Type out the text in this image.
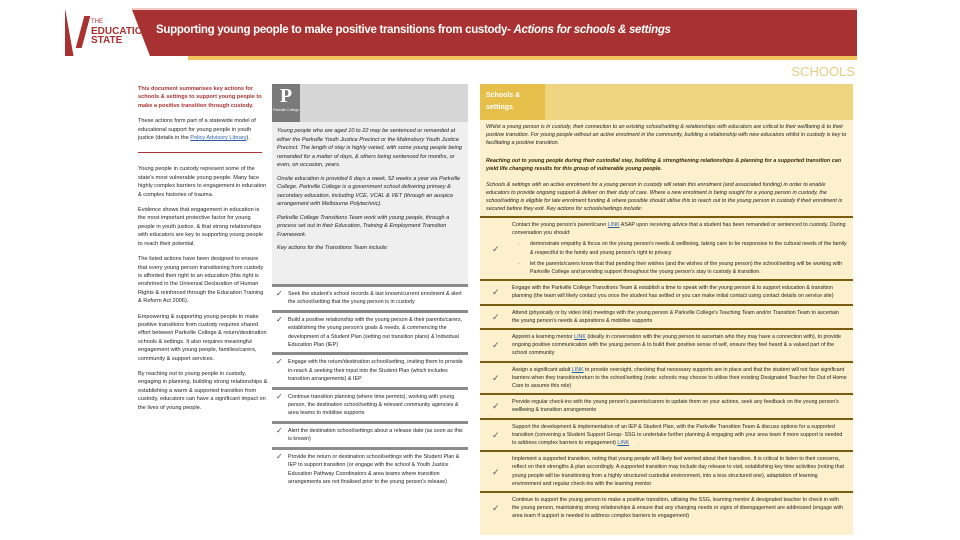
THE
EDUCATION
STATE
Supporting young people to make positive transitions from custody- Actions for schools & settings
SCHOOLS

This document summarises key actions for schools & settings to support young people to make a positive transition through custody.

These actions form part of a statewide model of educational support for young people in youth justice (details in the Policy Advisory Library).

Young people in custody represent some of the state's most vulnerable young people. Many face highly complex barriers to engagement in education & complex histories of trauma.

Evidence shows that engagement in education is the most important protective factor for young people in youth justice, & that strong relationships with educators are key to supporting young people to reach their potential.

The listed actions have been designed to ensure that every young person transitioning from custody is afforded their right to an education (this right is enshrined in the Universal Declaration of Human Rights & reinforced through the Education Training & Reform Act 2006).

Empowering & supporting young people to make positive transitions from custody requires shared effort between Parkville College & return/destination schools & settings. It also requires meaningful engagement with young people, families/carers, community & support services.

By reaching out to young people in custody, engaging in planning, building strong relationships & establishing a warm & supported transition from custody, educators can have a significant impact on the lives of young people.

P
Parkville College

Young people who are aged 10 to 22 may be sentenced or remanded at either the Parkville Youth Justice Precinct or the Malmsbury Youth Justice Precinct. The length of stay is highly varied, with some young people being remanded for a matter of days, & others being sentenced for months, or even, on occasion, years.

Onsite education is provided 6 days a week, 52 weeks a year via Parkville College. Parkville College is a government school delivering primary & secondary education, including VCE, VCAL & VET (through an auspice arrangement with Melbourne Polytechnic).

Parkville College Transitions Team work with young people, through a process set out in their Education, Training & Employment Transition Framework.

Key actions for the Transitions Team include:

✓ Seek the student's school records & last known/current enrolment & alert the school/setting that the young person is in custody
✓ Build a positive relationship with the young person & their parents/carers, establishing the young person's goals & needs, & commencing the development of a Student Plan (setting out transition plans) & Individual Education Plan (IEP)
✓ Engage with the return/destination school/setting, inviting them to provide in-reach & seeking their input into the Student Plan (which includes transition arrangements) & IEP
✓ Continue transition planning (where time permits), working with young person, the destination school/setting & relevant community agencies & area teams to mobilise supports
✓ Alert the destination school/settings about a release date (as soon as this is known)
✓ Provide the return or destination school/settings with the Student Plan & IEP to support transition (or engage with the school & Youth Justice Education Pathway Coordinators & area teams where transition arrangements are not finalised prior to the young person's release)
Schools & settings
Whilst a young person is in custody, their connection to an existing school/setting & relationships with educators are critical to their wellbeing & to their positive transition. For young people without an active enrolment in the community, building a relationship with new educators whilst in custody is key to facilitating a positive transition.
Reaching out to young people during their custodial stay, building & strengthening relationships & planning for a supported transition can yield life changing results for this group of vulnerable young people.
Schools & settings with an active enrolment for a young person in custody will retain this enrolment (and associated funding) in order to enable educators to provide ongoing support & deliver on their duty of care. Where a new enrolment is being sought for a young person in custody, the school/setting is eligible for late enrolment funding & where possible should utilise this to reach out to the young person in custody if their enrolment is secured before they exit. Key actions for schools/settings include:
✓
Contact the young person's parent/carer LINK ASAP upon receiving advice that a student has been remanded or sentenced to custody. During conversation you should:
· demonstrate empathy & focus on the young person's needs & wellbeing, taking care to be responsive to the cultural needs of the family & respectful to the family and young person's right to privacy
· let the parents/carers know that that pending their wishes (and the wishes of the young person) the school/setting will be working with Parkville College and providing support throughout the young person's stay in custody & transition.
✓ Engage with the Parkville College Transitions Team & establish a time to speak with the young person & to support education & transition planning (the team will likely contact you once the student has settled or you can make initial contact using contact details on service site)
✓ Attend (physically or by video link) meetings with the young person & Parkville College's Teaching Team and/or Transition Team to ascertain the young person's needs & aspirations & mobilise supports
✓
Appoint a learning mentor LINK (ideally in conversation with the young person to ascertain who they may have a connection with), to provide ongoing positive communication with the young person & to build their positive sense of self, ensure they feel heard & a valued part of the school community
✓
Assign a significant adult LINK to provide oversight, checking that necessary supports are in place and that the student will not face significant barriers when they transition/return to the school/setting (note: schools may choose to utilise their existing Designated Teacher for Out of Home Care to assume this role)
✓ Provide regular check-ins with the young person's parents/carers to update them on your actions, seek any feedback on the young person's wellbeing & transition arrangements
✓
Support the development & implementation of an IEP & Student Plan, with the Parkville Transition Team & discuss options for a supported transition (convening a Student Support Group- SSG to undertake further planning & engaging with your area team if more support is needed to address complex barriers to engagement) LINK
✓
Implement a supported transition, noting that young people will likely feel worried about their transition. It is critical to listen to their concerns, reflect on their strengths & plan accordingly. A supported transition may include day release to visit, establishing key time activities (noting that young people will be transitioning from a highly structured custodial environment, into a less structured one), adaptation of learning environment and regular check-ins with the learning mentor
✓
Continue to support the young person to make a positive transition, utilising the SSG, learning mentor & designated teacher to check in with the young person, maintaining strong relationships & ensure that any changing needs or signs of disengagement are addressed (engage with area team if support is needed to address complex barriers to engagement)
